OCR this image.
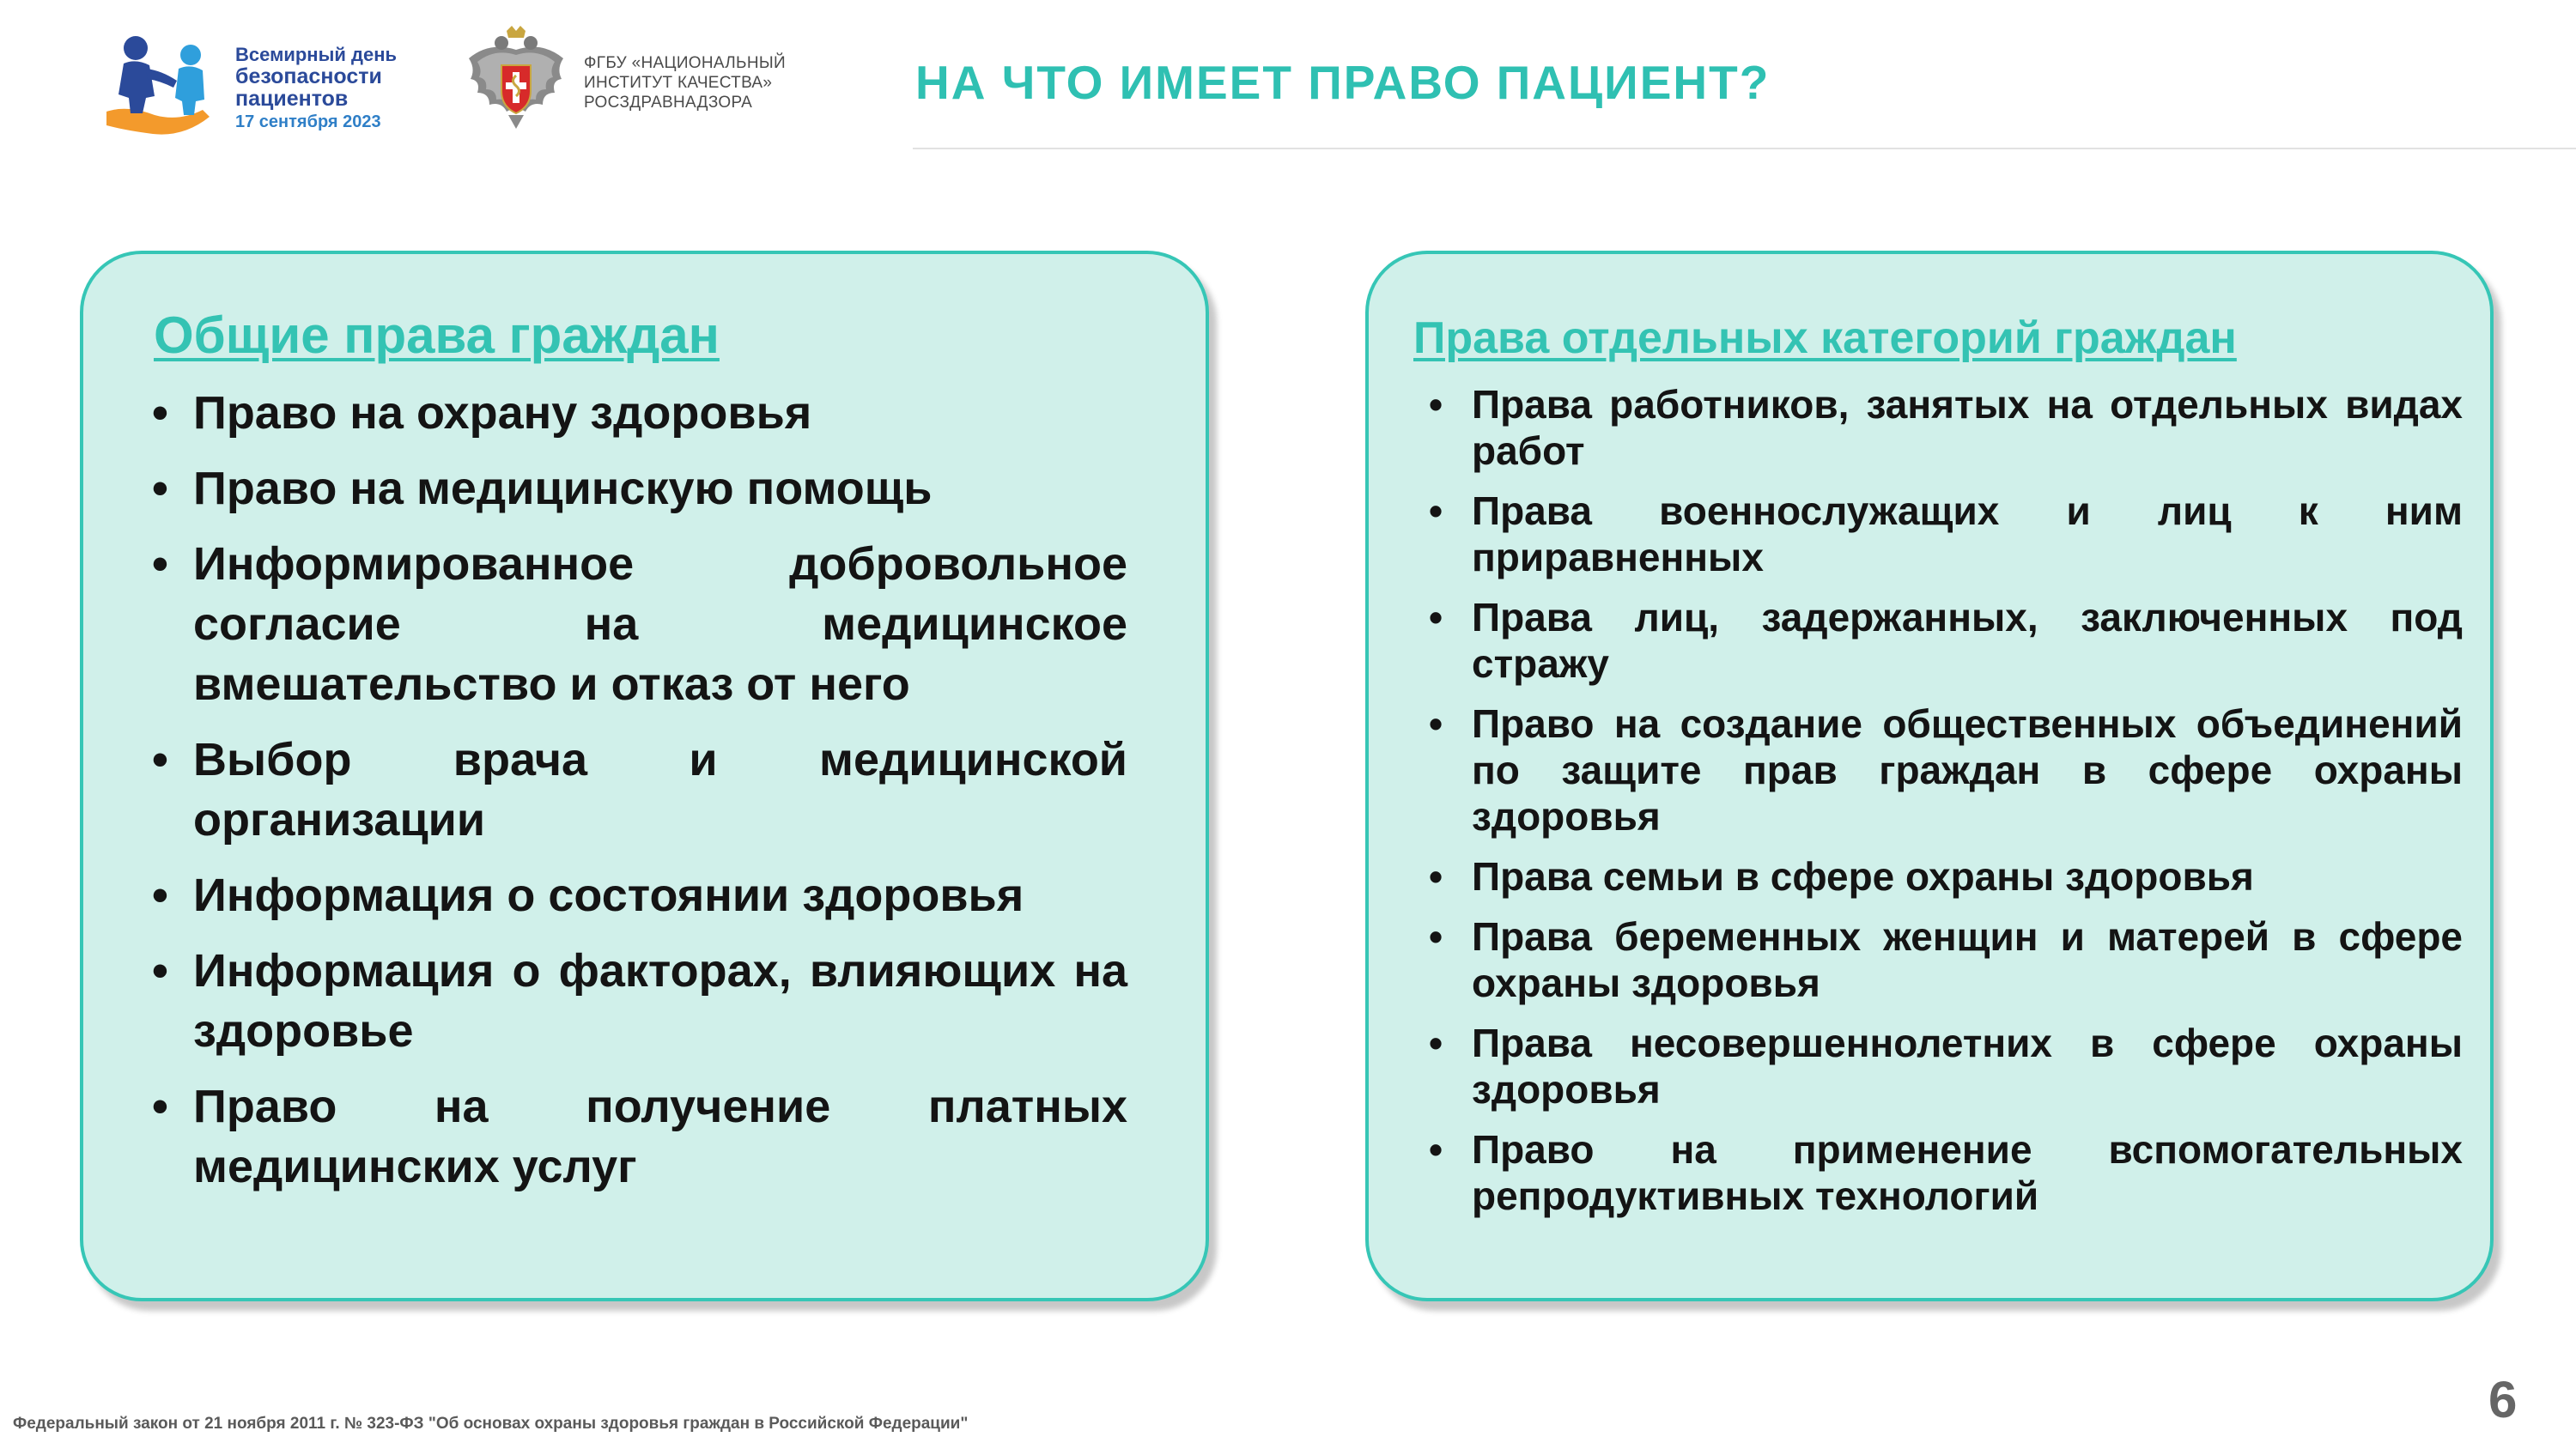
Всемирный день
безопасности
пациентов
17 сентября 2023
ФГБУ «НАЦИОНАЛЬНЫЙ
ИНСТИТУТ КАЧЕСТВА»
РОСЗДРАВНАДЗОРА	НА ЧТО ИМЕЕТ ПРАВО ПАЦИЕНТ?
Общие права граждан
• Право на охрану здоровья
• Право на медицинскую помощь
• Информированное добровольное согласие на медицинское вмешательство и отказ от него
• Выбор врача и медицинской организации
• Информация о состоянии здоровья
• Информация о факторах, влияющих на здоровье
• Право на получение платных медицинских услуг
Права отдельных категорий граждан
• Права работников, занятых на отдельных видах работ
• Права военнослужащих и лиц к ним приравненных
• Права лиц, задержанных, заключенных под стражу
• Право на создание общественных объединений по защите прав граждан в сфере охраны здоровья
• Права семьи в сфере охраны здоровья
• Права беременных женщин и матерей в сфере охраны здоровья
• Права несовершеннолетних в сфере охраны здоровья
• Право на применение вспомогательных репродуктивных технологий
Федеральный закон от 21 ноября 2011 г. № 323-ФЗ "Об основах охраны здоровья граждан в Российской Федерации"	6
